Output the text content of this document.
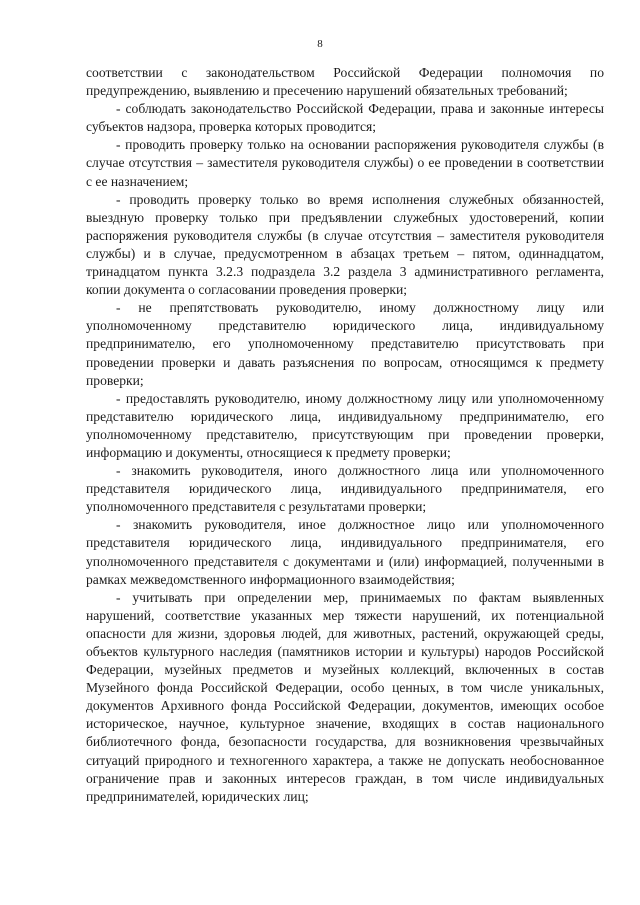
8

соответствии с законодательством Российской Федерации полномочия по предупреждению, выявлению и пресечению нарушений обязательных требований;

- соблюдать законодательство Российской Федерации, права и законные интересы субъектов надзора, проверка которых проводится;

- проводить проверку только на основании распоряжения руководителя службы (в случае отсутствия – заместителя руководителя службы) о ее проведении в соответствии с ее назначением;

- проводить проверку только во время исполнения служебных обязанностей, выездную проверку только при предъявлении служебных удостоверений, копии распоряжения руководителя службы (в случае отсутствия – заместителя руководителя службы) и в случае, предусмотренном в абзацах третьем – пятом, одиннадцатом, тринадцатом пункта 3.2.3 подраздела 3.2 раздела 3 административного регламента, копии документа о согласовании проведения проверки;

- не препятствовать руководителю, иному должностному лицу или уполномоченному представителю юридического лица, индивидуальному предпринимателю, его уполномоченному представителю присутствовать при проведении проверки и давать разъяснения по вопросам, относящимся к предмету проверки;

- предоставлять руководителю, иному должностному лицу или уполномоченному представителю юридического лица, индивидуальному предпринимателю, его уполномоченному представителю, присутствующим при проведении проверки, информацию и документы, относящиеся к предмету проверки;

- знакомить руководителя, иного должностного лица или уполномоченного представителя юридического лица, индивидуального предпринимателя, его уполномоченного представителя с результатами проверки;

- знакомить руководителя, иное должностное лицо или уполномоченного представителя юридического лица, индивидуального предпринимателя, его уполномоченного представителя с документами и (или) информацией, полученными в рамках межведомственного информационного взаимодействия;

- учитывать при определении мер, принимаемых по фактам выявленных нарушений, соответствие указанных мер тяжести нарушений, их потенциальной опасности для жизни, здоровья людей, для животных, растений, окружающей среды, объектов культурного наследия (памятников истории и культуры) народов Российской Федерации, музейных предметов и музейных коллекций, включенных в состав Музейного фонда Российской Федерации, особо ценных, в том числе уникальных, документов Архивного фонда Российской Федерации, документов, имеющих особое историческое, научное, культурное значение, входящих в состав национального библиотечного фонда, безопасности государства, для возникновения чрезвычайных ситуаций природного и техногенного характера, а также не допускать необоснованное ограничение прав и законных интересов граждан, в том числе индивидуальных предпринимателей, юридических лиц;
